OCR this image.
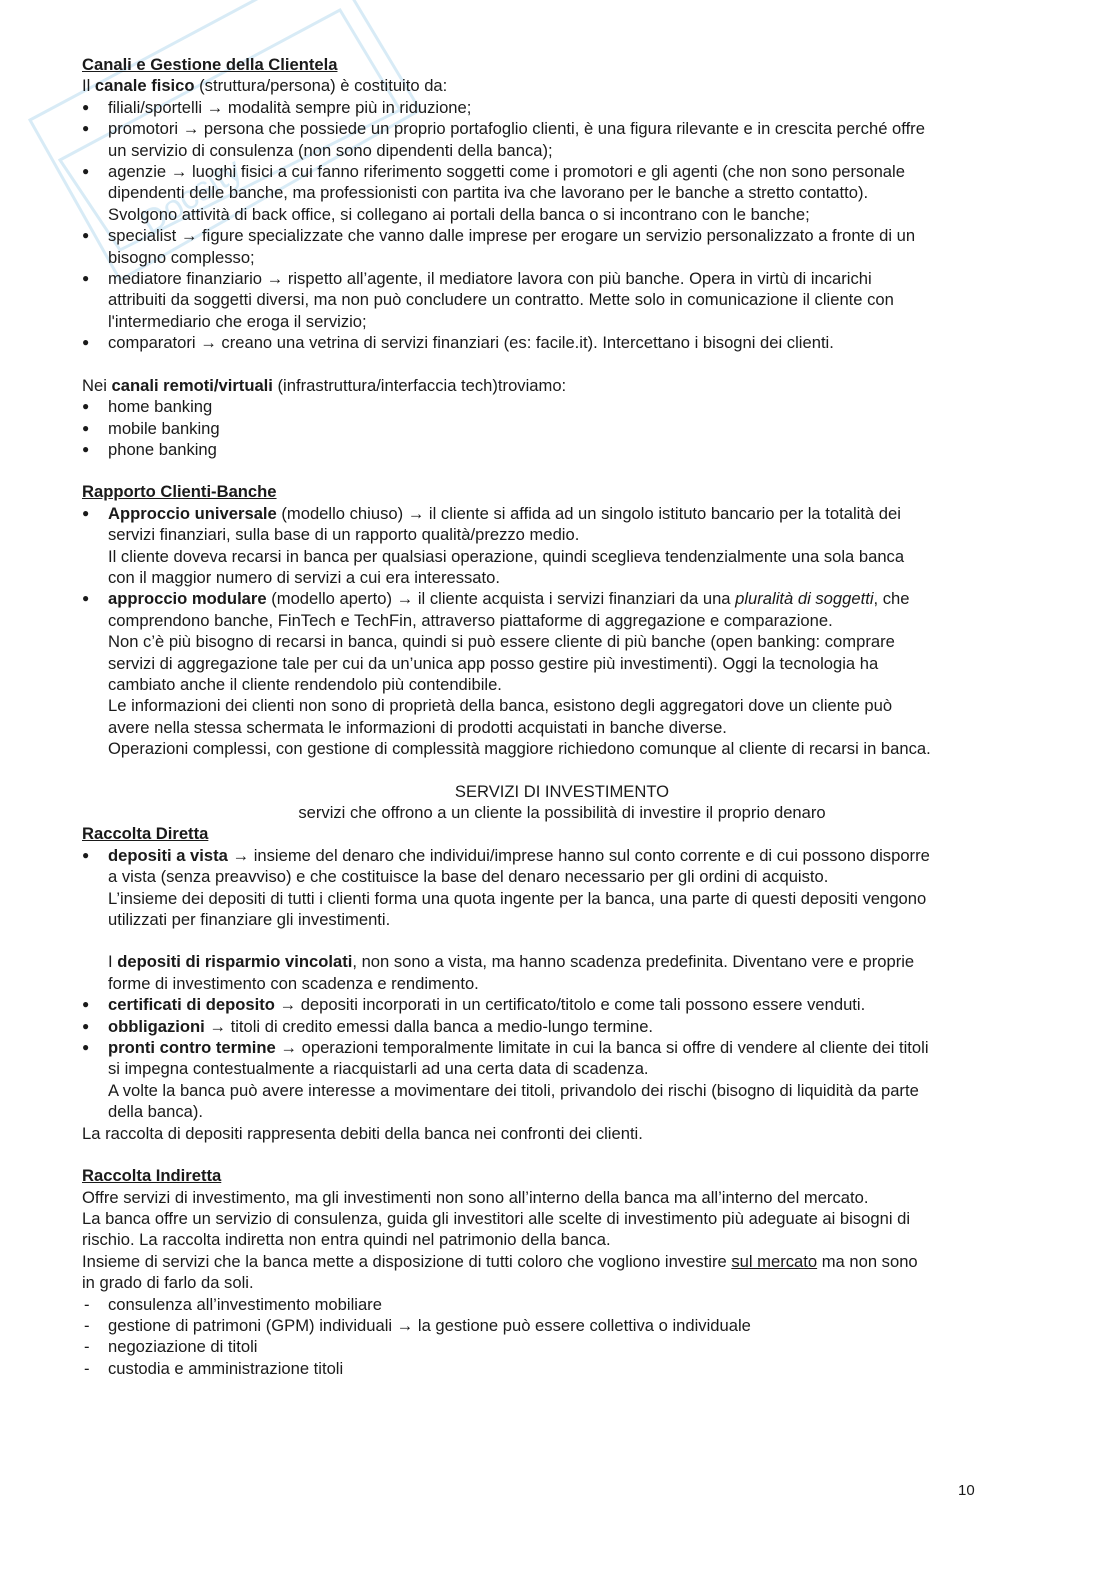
Docsity
Canali e Gestione della Clientela
Il canale fisico (struttura/persona) è costituito da:
● filiali/sportelli → modalità sempre più in riduzione;
● promotori → persona che possiede un proprio portafoglio clienti, è una figura rilevante e in crescita perché offre
un servizio di consulenza (non sono dipendenti della banca);
● agenzie → luoghi fisici a cui fanno riferimento soggetti come i promotori e gli agenti (che non sono personale
dipendenti delle banche, ma professionisti con partita iva che lavorano per le banche a stretto contatto).
Svolgono attività di back office, si collegano ai portali della banca o si incontrano con le banche;
● specialist → figure specializzate che vanno dalle imprese per erogare un servizio personalizzato a fronte di un
bisogno complesso;
● mediatore finanziario → rispetto all’agente, il mediatore lavora con più banche. Opera in virtù di incarichi
attribuiti da soggetti diversi, ma non può concludere un contratto. Mette solo in comunicazione il cliente con
l'intermediario che eroga il servizio;
● comparatori → creano una vetrina di servizi finanziari (es: facile.it). Intercettano i bisogni dei clienti.
Nei canali remoti/virtuali (infrastruttura/interfaccia tech)troviamo:
● home banking
● mobile banking
● phone banking
Rapporto Clienti-Banche
● Approccio universale (modello chiuso) → il cliente si affida ad un singolo istituto bancario per la totalità dei
servizi finanziari, sulla base di un rapporto qualità/prezzo medio.
Il cliente doveva recarsi in banca per qualsiasi operazione, quindi sceglieva tendenzialmente una sola banca
con il maggior numero di servizi a cui era interessato.
● approccio modulare (modello aperto) → il cliente acquista i servizi finanziari da una pluralità di soggetti, che
comprendono banche, FinTech e TechFin, attraverso piattaforme di aggregazione e comparazione.
Non c’è più bisogno di recarsi in banca, quindi si può essere cliente di più banche (open banking: comprare
servizi di aggregazione tale per cui da un’unica app posso gestire più investimenti). Oggi la tecnologia ha
cambiato anche il cliente rendendolo più contendibile.
Le informazioni dei clienti non sono di proprietà della banca, esistono degli aggregatori dove un cliente può
avere nella stessa schermata le informazioni di prodotti acquistati in banche diverse.
Operazioni complessi, con gestione di complessità maggiore richiedono comunque al cliente di recarsi in banca.
SERVIZI DI INVESTIMENTO
servizi che offrono a un cliente la possibilità di investire il proprio denaro
Raccolta Diretta
● depositi a vista → insieme del denaro che individui/imprese hanno sul conto corrente e di cui possono disporre
a vista (senza preavviso) e che costituisce la base del denaro necessario per gli ordini di acquisto.
L’insieme dei depositi di tutti i clienti forma una quota ingente per la banca, una parte di questi depositi vengono
utilizzati per finanziare gli investimenti.
I depositi di risparmio vincolati, non sono a vista, ma hanno scadenza predefinita. Diventano vere e proprie
forme di investimento con scadenza e rendimento.
● certificati di deposito → depositi incorporati in un certificato/titolo e come tali possono essere venduti.
● obbligazioni → titoli di credito emessi dalla banca a medio-lungo termine.
● pronti contro termine → operazioni temporalmente limitate in cui la banca si offre di vendere al cliente dei titoli
si impegna contestualmente a riacquistarli ad una certa data di scadenza.
A volte la banca può avere interesse a movimentare dei titoli, privandolo dei rischi (bisogno di liquidità da parte
della banca).
La raccolta di depositi rappresenta debiti della banca nei confronti dei clienti.
Raccolta Indiretta
Offre servizi di investimento, ma gli investimenti non sono all’interno della banca ma all’interno del mercato.
La banca offre un servizio di consulenza, guida gli investitori alle scelte di investimento più adeguate ai bisogni di
rischio. La raccolta indiretta non entra quindi nel patrimonio della banca.
Insieme di servizi che la banca mette a disposizione di tutti coloro che vogliono investire sul mercato ma non sono
in grado di farlo da soli.
- consulenza all’investimento mobiliare
- gestione di patrimoni (GPM) individuali → la gestione può essere collettiva o individuale
- negoziazione di titoli
- custodia e amministrazione titoli
10
